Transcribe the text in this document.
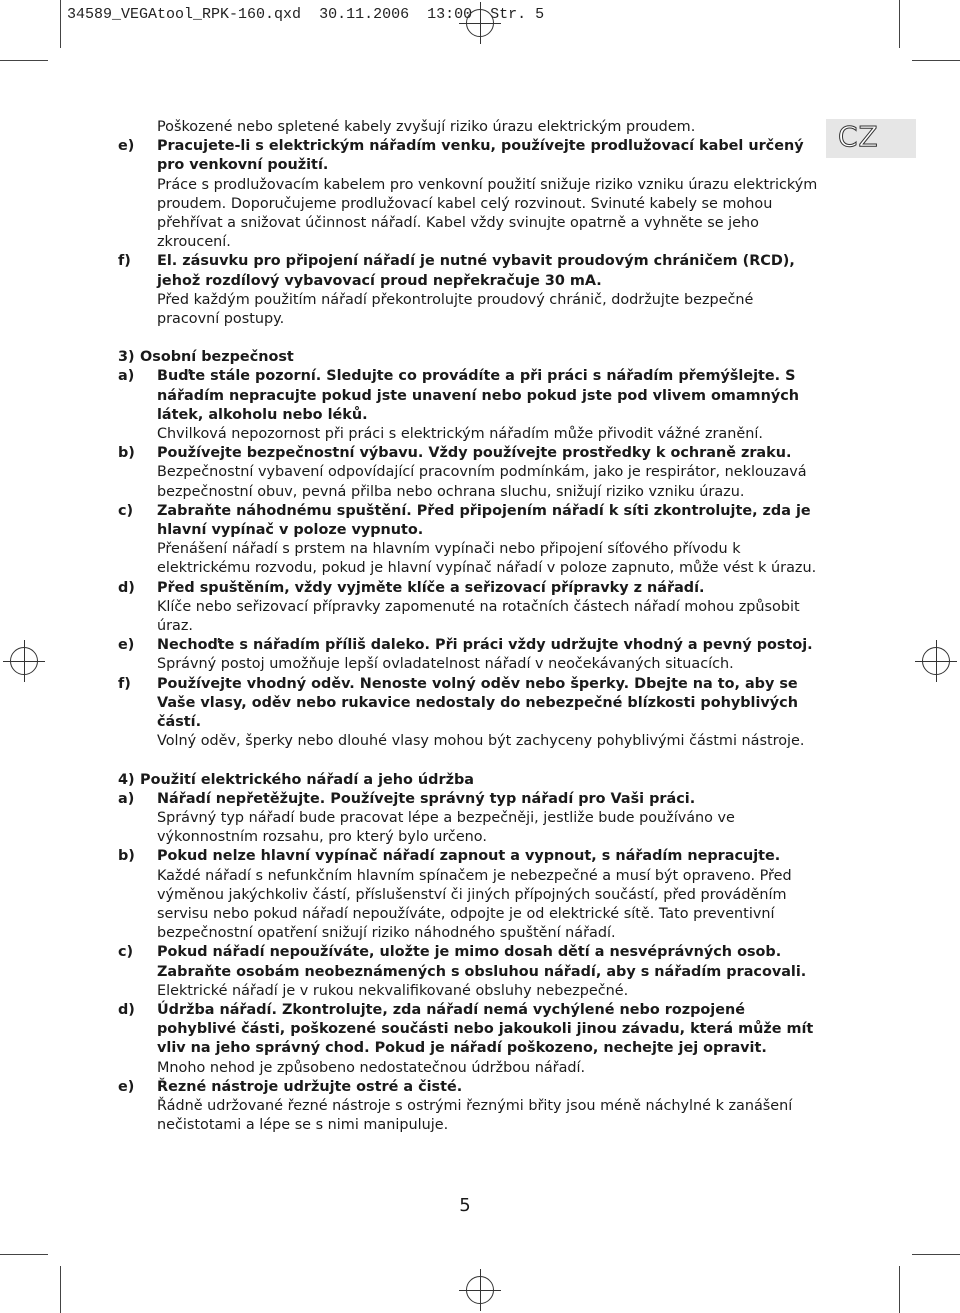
34589_VEGAtool_RPK-160.qxd 30.11.2006 13:00 Str. 5
CZ
Poškozené nebo spletené kabely zvyšují riziko úrazu elektrickým proudem.
e)	Pracujete-li s elektrickým nářadím venku, používejte prodlužovací kabel určený pro venkovní použití.
Práce s prodlužovacím kabelem pro venkovní použití snižuje riziko vzniku úrazu elektrickým proudem. Doporučujeme prodlužovací kabel celý rozvinout. Svinuté kabely se mohou přehřívat a snižovat účinnost nářadí. Kabel vždy svinujte opatrně a vyhněte se jeho zkroucení.
f)	El. zásuvku pro připojení nářadí je nutné vybavit proudovým chráničem (RCD), jehož rozdílový vybavovací proud nepřekračuje 30 mA.
Před každým použitím nářadí překontrolujte proudový chránič, dodržujte bezpečné pracovní postupy.
3) Osobní bezpečnost
a)	Buďte stále pozorní. Sledujte co provádíte a při práci s nářadím přemýšlejte. S nářadím nepracujte pokud jste unavení nebo pokud jste pod vlivem omamných látek, alkoholu nebo léků.
Chvilková nepozornost při práci s elektrickým nářadím může přivodit vážné zranění.
b)	Používejte bezpečnostní výbavu. Vždy používejte prostředky k ochraně zraku.
Bezpečnostní vybavení odpovídající pracovním podmínkám, jako je respirátor, neklouzavá bezpečnostní obuv, pevná přilba nebo ochrana sluchu, snižují riziko vzniku úrazu.
c)	Zabraňte náhodnému spuštění. Před připojením nářadí k síti zkontrolujte, zda je hlavní vypínač v poloze vypnuto.
Přenášení nářadí s prstem na hlavním vypínači nebo připojení síťového přívodu k elektrickému rozvodu, pokud je hlavní vypínač nářadí v poloze zapnuto, může vést k úrazu.
d)	Před spuštěním, vždy vyjměte klíče a seřizovací přípravky z nářadí.
Klíče nebo seřizovací přípravky zapomenuté na rotačních částech nářadí mohou způsobit úraz.
e)	Nechoďte s nářadím příliš daleko. Při práci vždy udržujte vhodný a pevný postoj.
Správný postoj umožňuje lepší ovladatelnost nářadí v neočekávaných situacích.
f)	Používejte vhodný oděv. Nenoste volný oděv nebo šperky. Dbejte na to, aby se Vaše vlasy, oděv nebo rukavice nedostaly do nebezpečné blízkosti pohyblivých částí.
Volný oděv, šperky nebo dlouhé vlasy mohou být zachyceny pohyblivými částmi nástroje.
4) Použití elektrického nářadí a jeho údržba
a)	Nářadí nepřetěžujte. Používejte správný typ nářadí pro Vaši práci.
Správný typ nářadí bude pracovat lépe a bezpečněji, jestliže bude používáno ve výkonnostním rozsahu, pro který bylo určeno.
b)	Pokud nelze hlavní vypínač nářadí zapnout a vypnout, s nářadím nepracujte.
Každé nářadí s nefunkčním hlavním spínačem je nebezpečné a musí být opraveno. Před výměnou jakýchkoliv částí, příslušenství či jiných přípojných součástí, před prováděním servisu nebo pokud nářadí nepoužíváte, odpojte je od elektrické sítě. Tato preventivní bezpečnostní opatření snižují riziko náhodného spuštění nářadí.
c)	Pokud nářadí nepoužíváte, uložte je mimo dosah dětí a nesvéprávných osob. Zabraňte osobám neobeznámených s obsluhou nářadí, aby s nářadím pracovali.
Elektrické nářadí je v rukou nekvalifikované obsluhy nebezpečné.
d)	Údržba nářadí. Zkontrolujte, zda nářadí nemá vychýlené nebo rozpojené pohyblivé části, poškozené součásti nebo jakoukoli jinou závadu, která může mít vliv na jeho správný chod. Pokud je nářadí poškozeno, nechejte jej opravit.
Mnoho nehod je způsobeno nedostatečnou údržbou nářadí.
e)	Řezné nástroje udržujte ostré a čisté.
Řádně udržované řezné nástroje s ostrými řeznými břity jsou méně náchylné k zanášení nečistotami a lépe se s nimi manipuluje.
5
